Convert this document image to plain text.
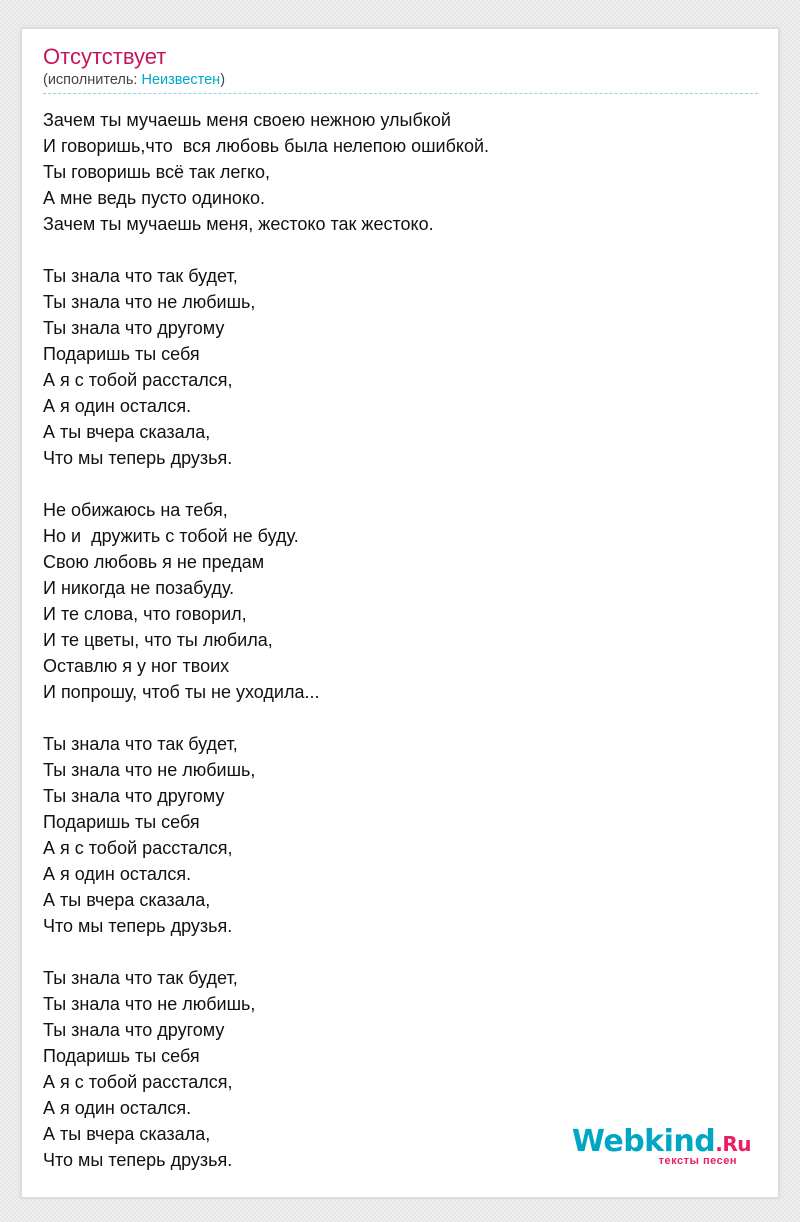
Отсутствует
(исполнитель: Неизвестен)
Зачем ты мучаешь меня своею нежною улыбкой
И говоришь,что  вся любовь была нелепою ошибкой.
Ты говоришь всё так легко,
А мне ведь пусто одиноко.
Зачем ты мучаешь меня, жестоко так жестоко.
Ты знала что так будет,
Ты знала что не любишь,
Ты знала что другому
Подаришь ты себя
А я с тобой расстался,
А я один остался.
А ты вчера сказала,
Что мы теперь друзья.
Не обижаюсь на тебя,
Но и  дружить с тобой не буду.
Свою любовь я не предам
И никогда не позабуду.
И те слова, что говорил,
И те цветы, что ты любила,
Оставлю я у ног твоих
И попрошу, чтоб ты не уходила...
Ты знала что так будет,
Ты знала что не любишь,
Ты знала что другому
Подаришь ты себя
А я с тобой расстался,
А я один остался.
А ты вчера сказала,
Что мы теперь друзья.
Ты знала что так будет,
Ты знала что не любишь,
Ты знала что другому
Подаришь ты себя
А я с тобой расстался,
А я один остался.
А ты вчера сказала,
Что мы теперь друзья.
Webkind.Ru
тексты песен
